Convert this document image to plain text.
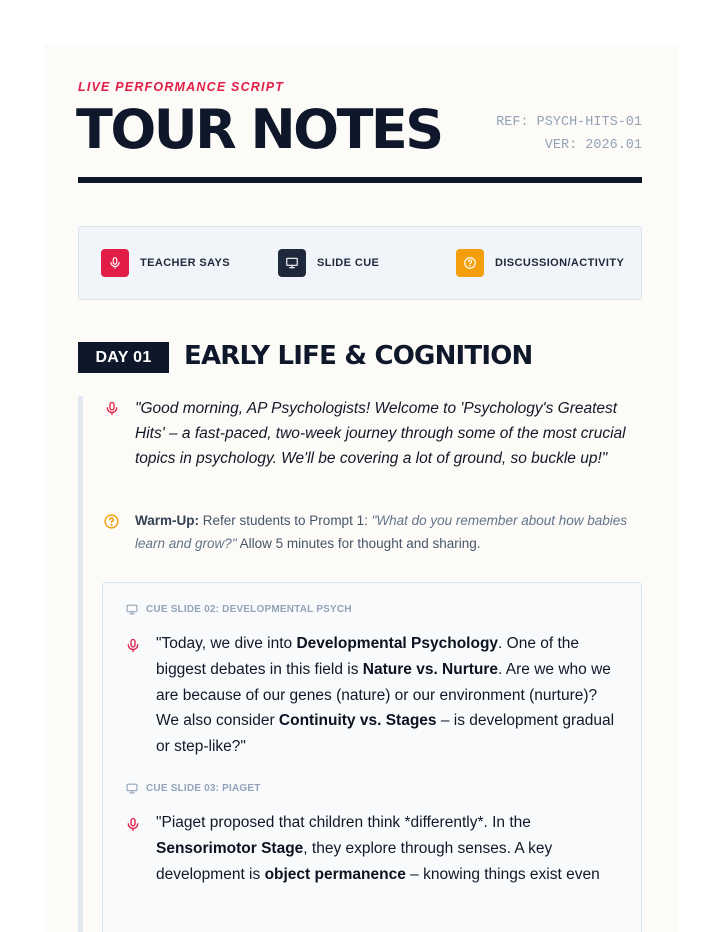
LIVE PERFORMANCE SCRIPT
TOUR NOTES	REF: PSYCH-HITS-01
VER: 2026.01
TEACHER SAYS	SLIDE CUE	DISCUSSION/ACTIVITY
DAY 01	EARLY LIFE & COGNITION
"Good morning, AP Psychologists! Welcome to 'Psychology's Greatest Hits' – a fast-paced, two-week journey through some of the most crucial topics in psychology. We'll be covering a lot of ground, so buckle up!"
Warm-Up: Refer students to Prompt 1: "What do you remember about how babies learn and grow?" Allow 5 minutes for thought and sharing.
CUE SLIDE 02: DEVELOPMENTAL PSYCH
"Today, we dive into Developmental Psychology. One of the biggest debates in this field is Nature vs. Nurture. Are we who we are because of our genes (nature) or our environment (nurture)? We also consider Continuity vs. Stages – is development gradual or step-like?"
CUE SLIDE 03: PIAGET
"Piaget proposed that children think *differently*. In the Sensorimotor Stage, they explore through senses. A key development is object permanence – knowing things exist even
